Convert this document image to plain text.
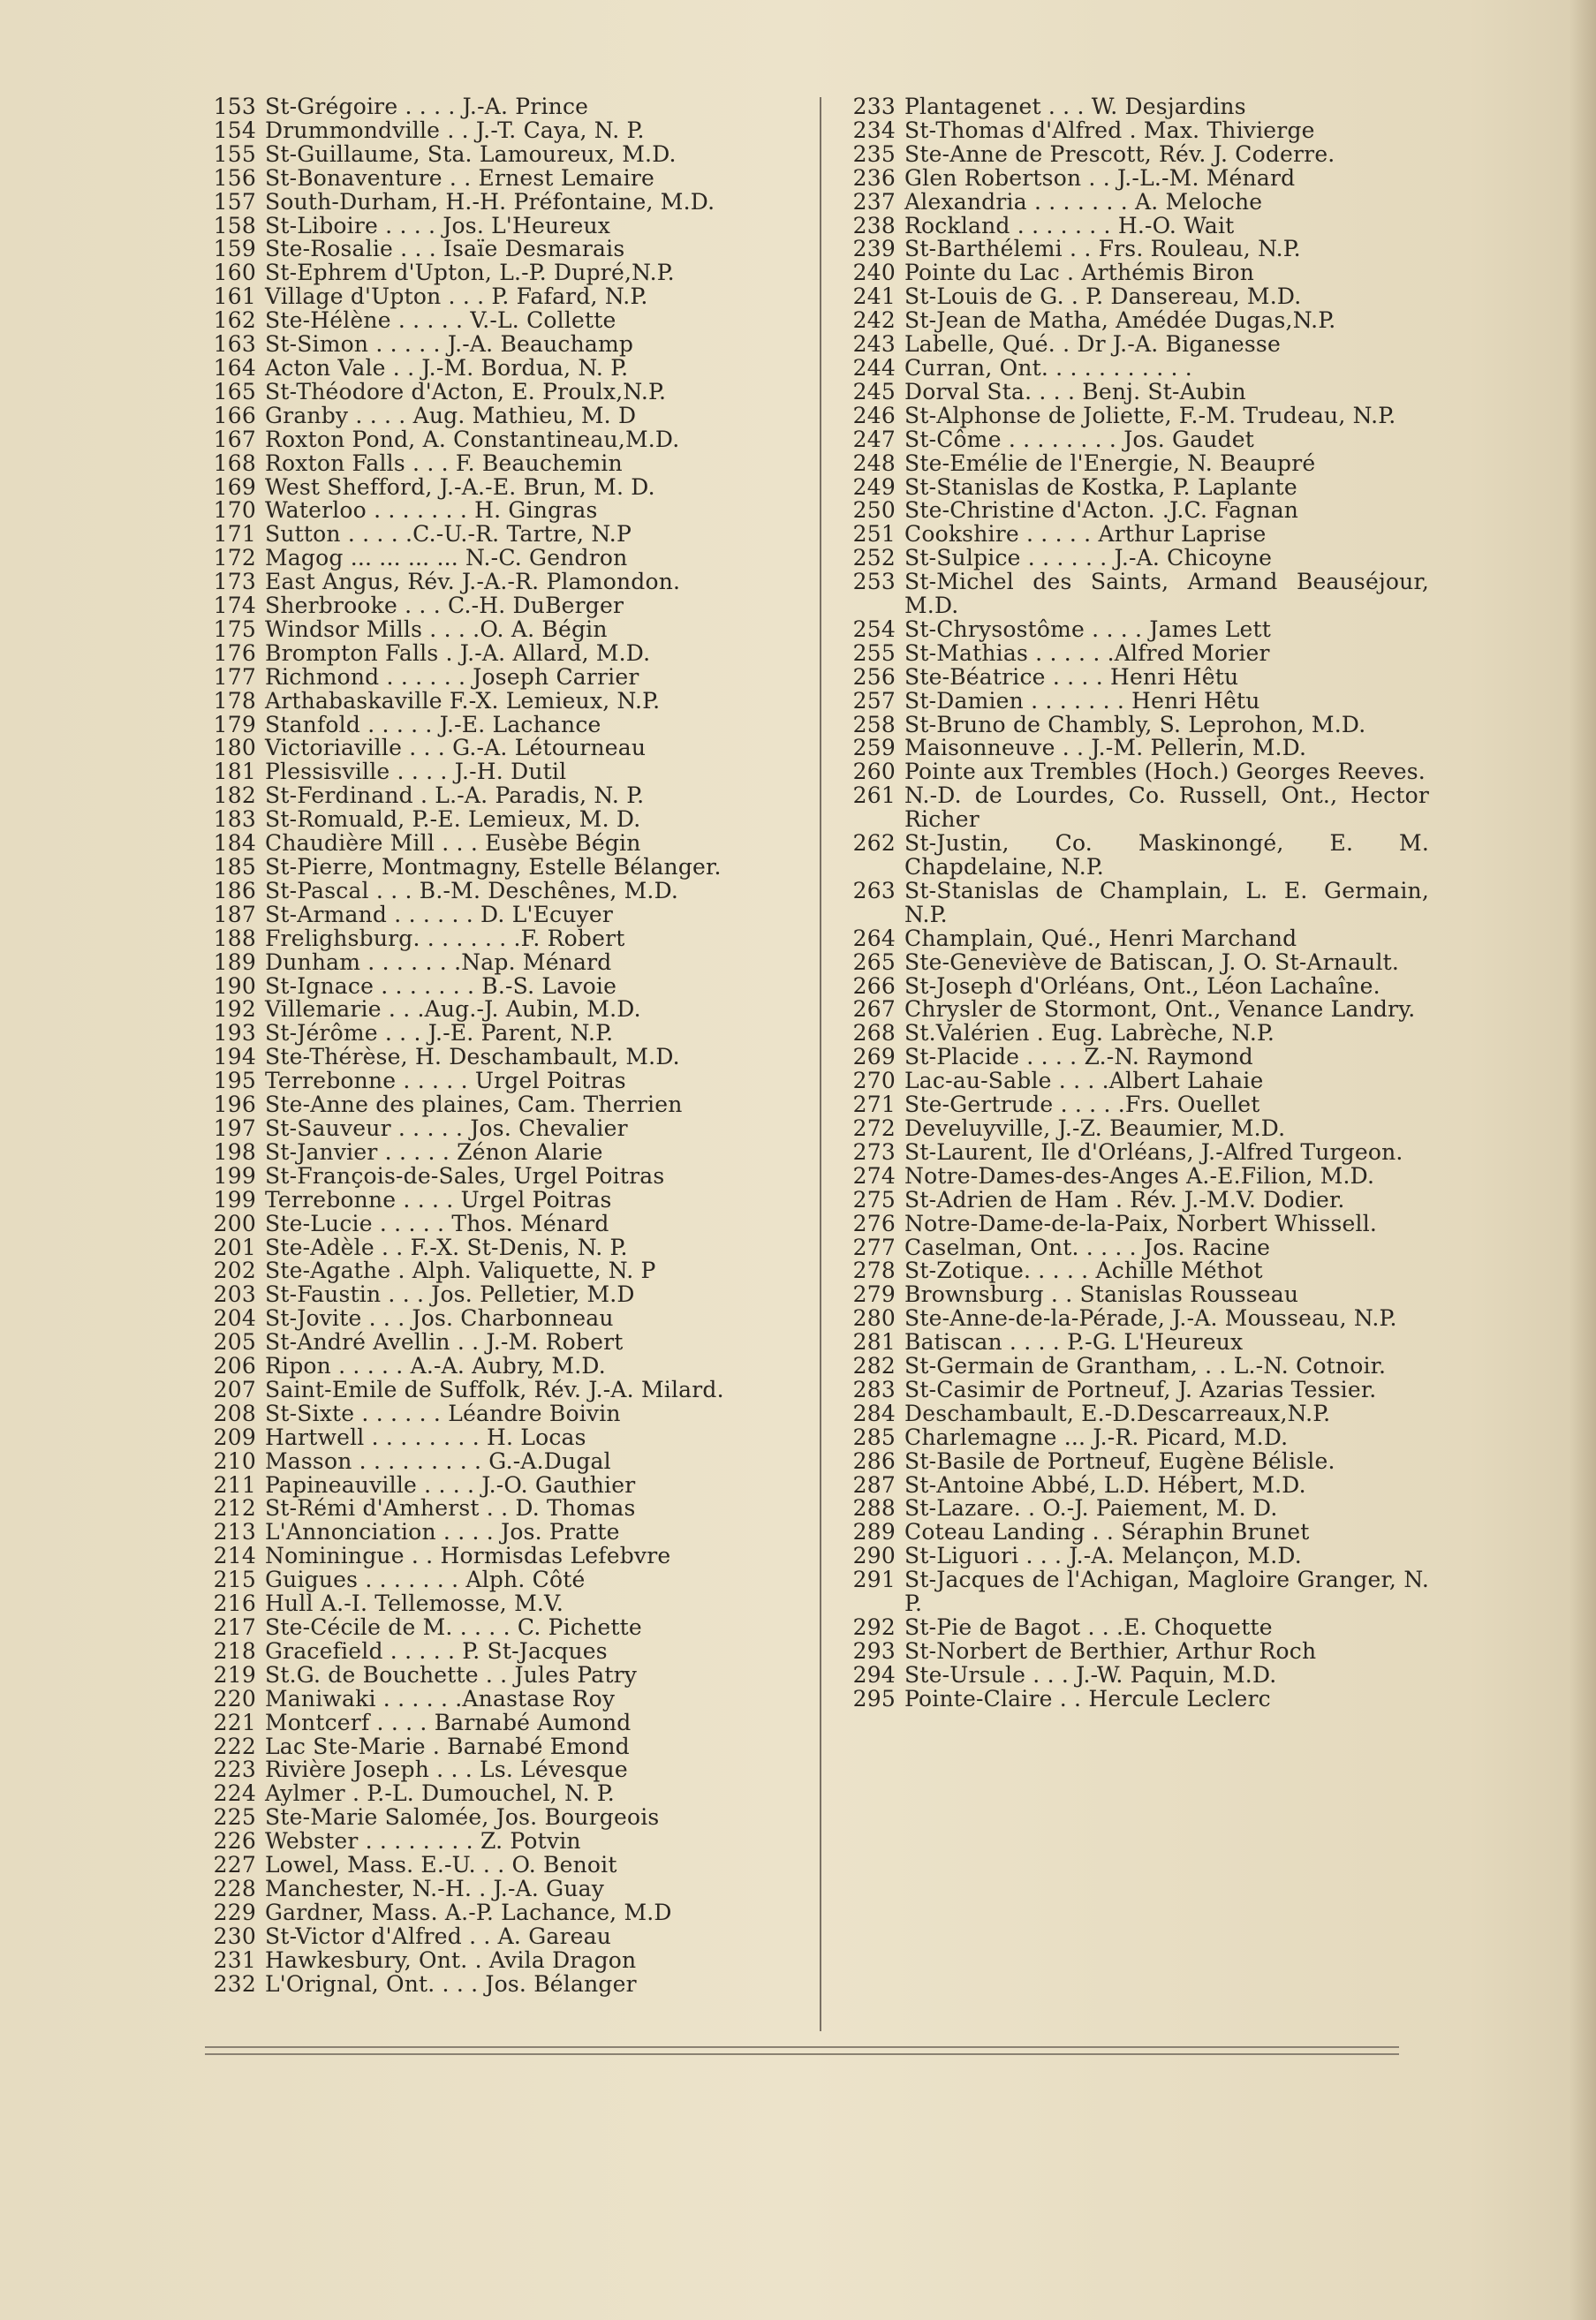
153 St-Grégoire . . . . J.-A. Prince
154 Drummondville . . J.-T. Caya, N. P.
155 St-Guillaume, Sta. Lamoureux, M.D.
156 St-Bonaventure . . Ernest Lemaire
157 South-Durham, H.-H. Préfontaine, M.D.
158 St-Liboire . . . . Jos. L'Heureux
159 Ste-Rosalie . . . Isaïe Desmarais
160 St-Ephrem d'Upton, L.-P. Dupré,N.P.
161 Village d'Upton . . . P. Fafard, N.P.
162 Ste-Hélène . . . . . V.-L. Collette
163 St-Simon . . . . . J.-A. Beauchamp
164 Acton Vale . . J.-M. Bordua, N. P.
165 St-Théodore d'Acton, E. Proulx,N.P.
166 Granby . . . . Aug. Mathieu, M. D
167 Roxton Pond, A. Constantineau,M.D.
168 Roxton Falls . . . F. Beauchemin
169 West Shefford, J.-A.-E. Brun, M. D.
170 Waterloo . . . . . . . H. Gingras
171 Sutton . . . . .C.-U.-R. Tartre, N.P
172 Magog ... ... ... ... N.-C. Gendron
173 East Angus, Rév. J.-A.-R. Plamondon.
174 Sherbrooke . . . C.-H. DuBerger
175 Windsor Mills . . . .O. A. Bégin
176 Brompton Falls . J.-A. Allard, M.D.
177 Richmond . . . . . . Joseph Carrier
178 Arthabaskaville F.-X. Lemieux, N.P.
179 Stanfold . . . . . J.-E. Lachance
180 Victoriaville . . . G.-A. Létourneau
181 Plessisville . . . . J.-H. Dutil
182 St-Ferdinand . L.-A. Paradis, N. P.
183 St-Romuald, P.-E. Lemieux, M. D.
184 Chaudière Mill . . . Eusèbe Bégin
185 St-Pierre, Montmagny, Estelle Bélanger.
186 St-Pascal . . . B.-M. Deschênes, M.D.
187 St-Armand . . . . . . D. L'Ecuyer
188 Frelighsburg. . . . . . . .F. Robert
189 Dunham . . . . . . .Nap. Ménard
190 St-Ignace . . . . . . . B.-S. Lavoie
192 Villemarie . . .Aug.-J. Aubin, M.D.
193 St-Jérôme . . . J.-E. Parent, N.P.
194 Ste-Thérèse, H. Deschambault, M.D.
195 Terrebonne . . . . . Urgel Poitras
196 Ste-Anne des plaines, Cam. Therrien
197 St-Sauveur . . . . . Jos. Chevalier
198 St-Janvier . . . . . Zénon Alarie
199 St-François-de-Sales, Urgel Poitras
199 Terrebonne . . . . Urgel Poitras
200 Ste-Lucie . . . . . Thos. Ménard
201 Ste-Adèle . . F.-X. St-Denis, N. P.
202 Ste-Agathe . Alph. Valiquette, N. P
203 St-Faustin . . . Jos. Pelletier, M.D
204 St-Jovite . . . Jos. Charbonneau
205 St-André Avellin . . J.-M. Robert
206 Ripon . . . . . A.-A. Aubry, M.D.
207 Saint-Emile de Suffolk, Rév. J.-A. Milard.
208 St-Sixte . . . . . . Léandre Boivin
209 Hartwell . . . . . . . . H. Locas
210 Masson . . . . . . . . . G.-A.Dugal
211 Papineauville . . . . J.-O. Gauthier
212 St-Rémi d'Amherst . . D. Thomas
213 L'Annonciation . . . . Jos. Pratte
214 Nominingue . . Hormisdas Lefebvre
215 Guigues . . . . . . . Alph. Côté
216 Hull A.-I. Tellemosse, M.V.
217 Ste-Cécile de M. . . . . C. Pichette
218 Gracefield . . . . . P. St-Jacques
219 St.G. de Bouchette . . Jules Patry
220 Maniwaki . . . . . .Anastase Roy
221 Montcerf . . . . Barnabé Aumond
222 Lac Ste-Marie . Barnabé Emond
223 Rivière Joseph . . . Ls. Lévesque
224 Aylmer . P.-L. Dumouchel, N. P.
225 Ste-Marie Salomée, Jos. Bourgeois
226 Webster . . . . . . . . Z. Potvin
227 Lowel, Mass. E.-U. . . O. Benoit
228 Manchester, N.-H. . J.-A. Guay
229 Gardner, Mass. A.-P. Lachance, M.D
230 St-Victor d'Alfred . . A. Gareau
231 Hawkesbury, Ont. . Avila Dragon
232 L'Orignal, Ont. . . . Jos. Bélanger
233 Plantagenet . . . W. Desjardins
234 St-Thomas d'Alfred . Max. Thivierge
235 Ste-Anne de Prescott, Rév. J. Coderre.
236 Glen Robertson . . J.-L.-M. Ménard
237 Alexandria . . . . . . . A. Meloche
238 Rockland . . . . . . . H.-O. Wait
239 St-Barthélemi . . Frs. Rouleau, N.P.
240 Pointe du Lac . Arthémis Biron
241 St-Louis de G. . P. Dansereau, M.D.
242 St-Jean de Matha, Amédée Dugas,N.P.
243 Labelle, Qué. . Dr J.-A. Biganesse
244 Curran, Ont. . . . . . . . . . .
245 Dorval Sta. . . . Benj. St-Aubin
246 St-Alphonse de Joliette, F.-M. Trudeau, N.P.
247 St-Côme . . . . . . . . Jos. Gaudet
248 Ste-Emélie de l'Energie, N. Beaupré
249 St-Stanislas de Kostka, P. Laplante
250 Ste-Christine d'Acton. .J.C. Fagnan
251 Cookshire . . . . . Arthur Laprise
252 St-Sulpice . . . . . . J.-A. Chicoyne
253 St-Michel des Saints, Armand Beauséjour, M.D.
254 St-Chrysostôme . . . . James Lett
255 St-Mathias . . . . . .Alfred Morier
256 Ste-Béatrice . . . . Henri Hêtu
257 St-Damien . . . . . . . Henri Hêtu
258 St-Bruno de Chambly, S. Leprohon, M.D.
259 Maisonneuve . . J.-M. Pellerin, M.D.
260 Pointe aux Trembles (Hoch.) Georges Reeves.
261 N.-D. de Lourdes, Co. Russell, Ont., Hector Richer
262 St-Justin, Co. Maskinongé, E. M. Chapdelaine, N.P.
263 St-Stanislas de Champlain, L. E. Germain, N.P.
264 Champlain, Qué., Henri Marchand
265 Ste-Geneviève de Batiscan, J. O. St-Arnault.
266 St-Joseph d'Orléans, Ont., Léon Lachaîne.
267 Chrysler de Stormont, Ont., Venance Landry.
268 St.Valérien . Eug. Labrèche, N.P.
269 St-Placide . . . . Z.-N. Raymond
270 Lac-au-Sable . . . .Albert Lahaie
271 Ste-Gertrude . . . . .Frs. Ouellet
272 Develuyville, J.-Z. Beaumier, M.D.
273 St-Laurent, Ile d'Orléans, J.-Alfred Turgeon.
274 Notre-Dames-des-Anges A.-E.Filion, M.D.
275 St-Adrien de Ham . Rév. J.-M.V. Dodier.
276 Notre-Dame-de-la-Paix, Norbert Whissell.
277 Caselman, Ont. . . . . Jos. Racine
278 St-Zotique. . . . . Achille Méthot
279 Brownsburg . . Stanislas Rousseau
280 Ste-Anne-de-la-Pérade, J.-A. Mousseau, N.P.
281 Batiscan . . . . P.-G. L'Heureux
282 St-Germain de Grantham, . . L.-N. Cotnoir.
283 St-Casimir de Portneuf, J. Azarias Tessier.
284 Deschambault, E.-D.Descarreaux,N.P.
285 Charlemagne ... J.-R. Picard, M.D.
286 St-Basile de Portneuf, Eugène Bélisle.
287 St-Antoine Abbé, L.D. Hébert, M.D.
288 St-Lazare. . O.-J. Paiement, M. D.
289 Coteau Landing . . Séraphin Brunet
290 St-Liguori . . . J.-A. Melançon, M.D.
291 St-Jacques de l'Achigan, Magloire Granger, N. P.
292 St-Pie de Bagot . . .E. Choquette
293 St-Norbert de Berthier, Arthur Roch
294 Ste-Ursule . . . J.-W. Paquin, M.D.
295 Pointe-Claire . . Hercule Leclerc
